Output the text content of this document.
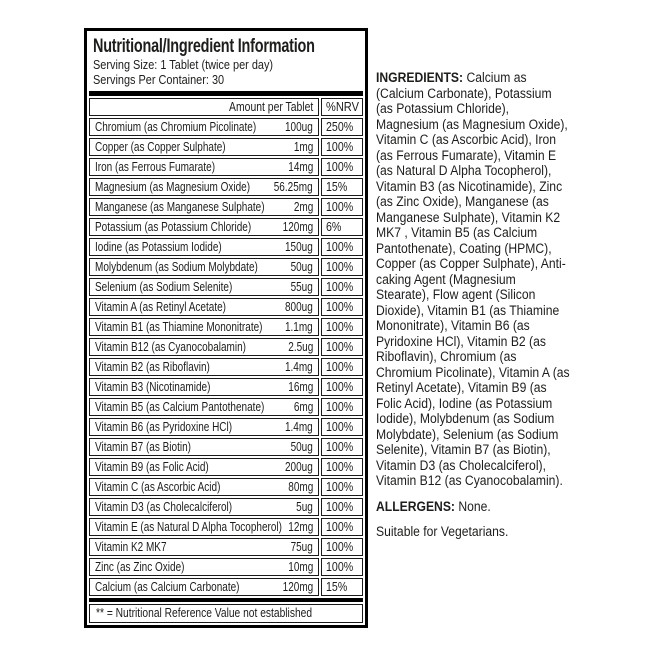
Nutritional/Ingredient Information
Serving Size: 1 Tablet (twice per day)
Servings Per Container: 30
Amount per Tablet	%NRV
Chromium (as Chromium Picolinate) 100ug	250%
Copper (as Copper Sulphate)	1mg	100%
Iron (as Ferrous Fumarate)	14mg	100%
Magnesium (as Magnesium Oxide) 56.25mg	15%
Manganese (as Manganese Sulphate) 2mg	100%
Potassium (as Potassium Chloride) 120mg	6%
Iodine (as Potassium Iodide)	150ug	100%
Molybdenum (as Sodium Molybdate)	50ug	100%
Selenium (as Sodium Selenite)	55ug	100%
Vitamin A (as Retinyl Acetate)	800ug	100%
Vitamin B1 (as Thiamine Mononitrate) 1.1mg	100%
Vitamin B12 (as Cyanocobalamin)	2.5ug	100%
Vitamin B2 (as Riboflavin)	1.4mg	100%
Vitamin B3 (Nicotinamide)	16mg	100%
Vitamin B5 (as Calcium Pantothenate) 6mg	100%
Vitamin B6 (as Pyridoxine HCl)	1.4mg	100%
Vitamin B7 (as Biotin)	50ug	100%
Vitamin B9 (as Folic Acid)	200ug	100%
Vitamin C (as Ascorbic Acid)	80mg	100%
Vitamin D3 (as Cholecalciferol)	5ug	100%
Vitamin E (as Natural D Alpha Tocopherol) 12mg	100%
Vitamin K2 MK7	75ug	100%
Zinc (as Zinc Oxide)	10mg	100%
Calcium (as Calcium Carbonate)	120mg	15%
** = Nutritional Reference Value not established

INGREDIENTS: Calcium as (Calcium Carbonate), Potassium (as Potassium Chloride), Magnesium (as Magnesium Oxide), Vitamin C (as Ascorbic Acid), Iron (as Ferrous Fumarate), Vitamin E (as Natural D Alpha Tocopherol), Vitamin B3 (as Nicotinamide), Zinc (as Zinc Oxide), Manganese (as Manganese Sulphate), Vitamin K2 MK7 , Vitamin B5 (as Calcium Pantothenate), Coating (HPMC), Copper (as Copper Sulphate), Anti-caking Agent (Magnesium Stearate), Flow agent (Silicon Dioxide), Vitamin B1 (as Thiamine Mononitrate), Vitamin B6 (as Pyridoxine HCl), Vitamin B2 (as Riboflavin), Chromium (as Chromium Picolinate), Vitamin A (as Retinyl Acetate), Vitamin B9 (as Folic Acid), Iodine (as Potassium Iodide), Molybdenum (as Sodium Molybdate), Selenium (as Sodium Selenite), Vitamin B7 (as Biotin), Vitamin D3 (as Cholecalciferol), Vitamin B12 (as Cyanocobalamin).

ALLERGENS: None.

Suitable for Vegetarians.
